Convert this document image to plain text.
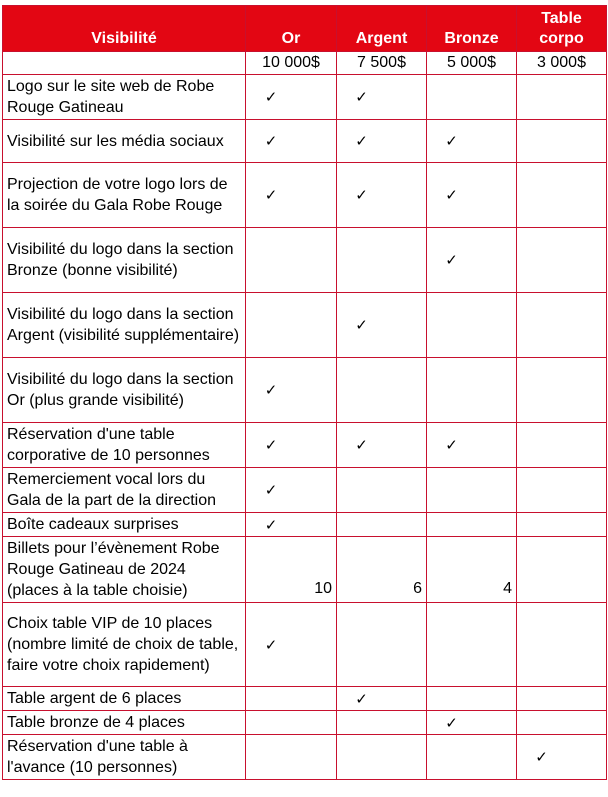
Visibilité	Or	Argent	Bronze	Table corpo
	10 000$	7 500$	5 000$	3 000$
Logo sur le site web de Robe Rouge Gatineau	✓	✓		
Visibilité sur les média sociaux	✓	✓	✓	
Projection de votre logo lors de la soirée du Gala Robe Rouge	✓	✓	✓	
Visibilité du logo dans la section Bronze (bonne visibilité)			✓	
Visibilité du logo dans la section Argent (visibilité supplémentaire)		✓		
Visibilité du logo dans la section Or (plus grande visibilité)	✓			
Réservation d'une table corporative de 10 personnes	✓	✓	✓	
Remerciement vocal lors du Gala de la part de la direction	✓			
Boîte cadeaux surprises	✓			
Billets pour l’évènement Robe Rouge Gatineau de 2024 (places à la table choisie)	10	6	4	
Choix table VIP de 10 places (nombre limité de choix de table, faire votre choix rapidement)	✓			
Table argent de 6 places		✓		
Table bronze de 4 places			✓	
Réservation d'une table à l'avance (10 personnes)				✓
